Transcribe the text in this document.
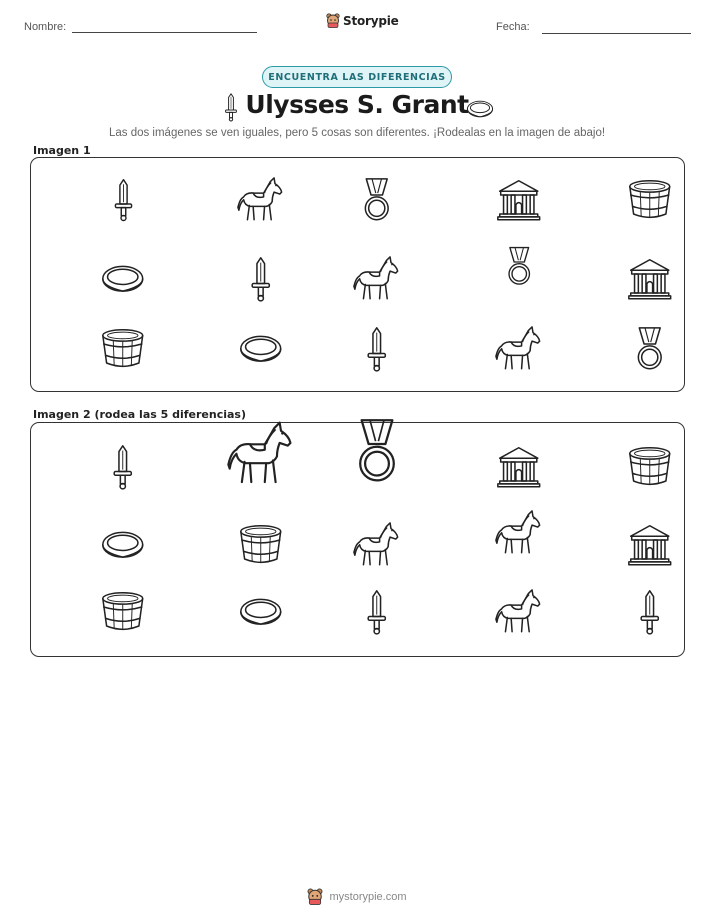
Nombre:	Storypie	Fecha:
ENCUENTRA LAS DIFERENCIAS
Ulysses S. Grant
Las dos imágenes se ven iguales, pero 5 cosas son diferentes. ¡Rodealas en la imagen de abajo!
Imagen 1
Imagen 2 (rodea las 5 diferencias)
mystorypie.com
